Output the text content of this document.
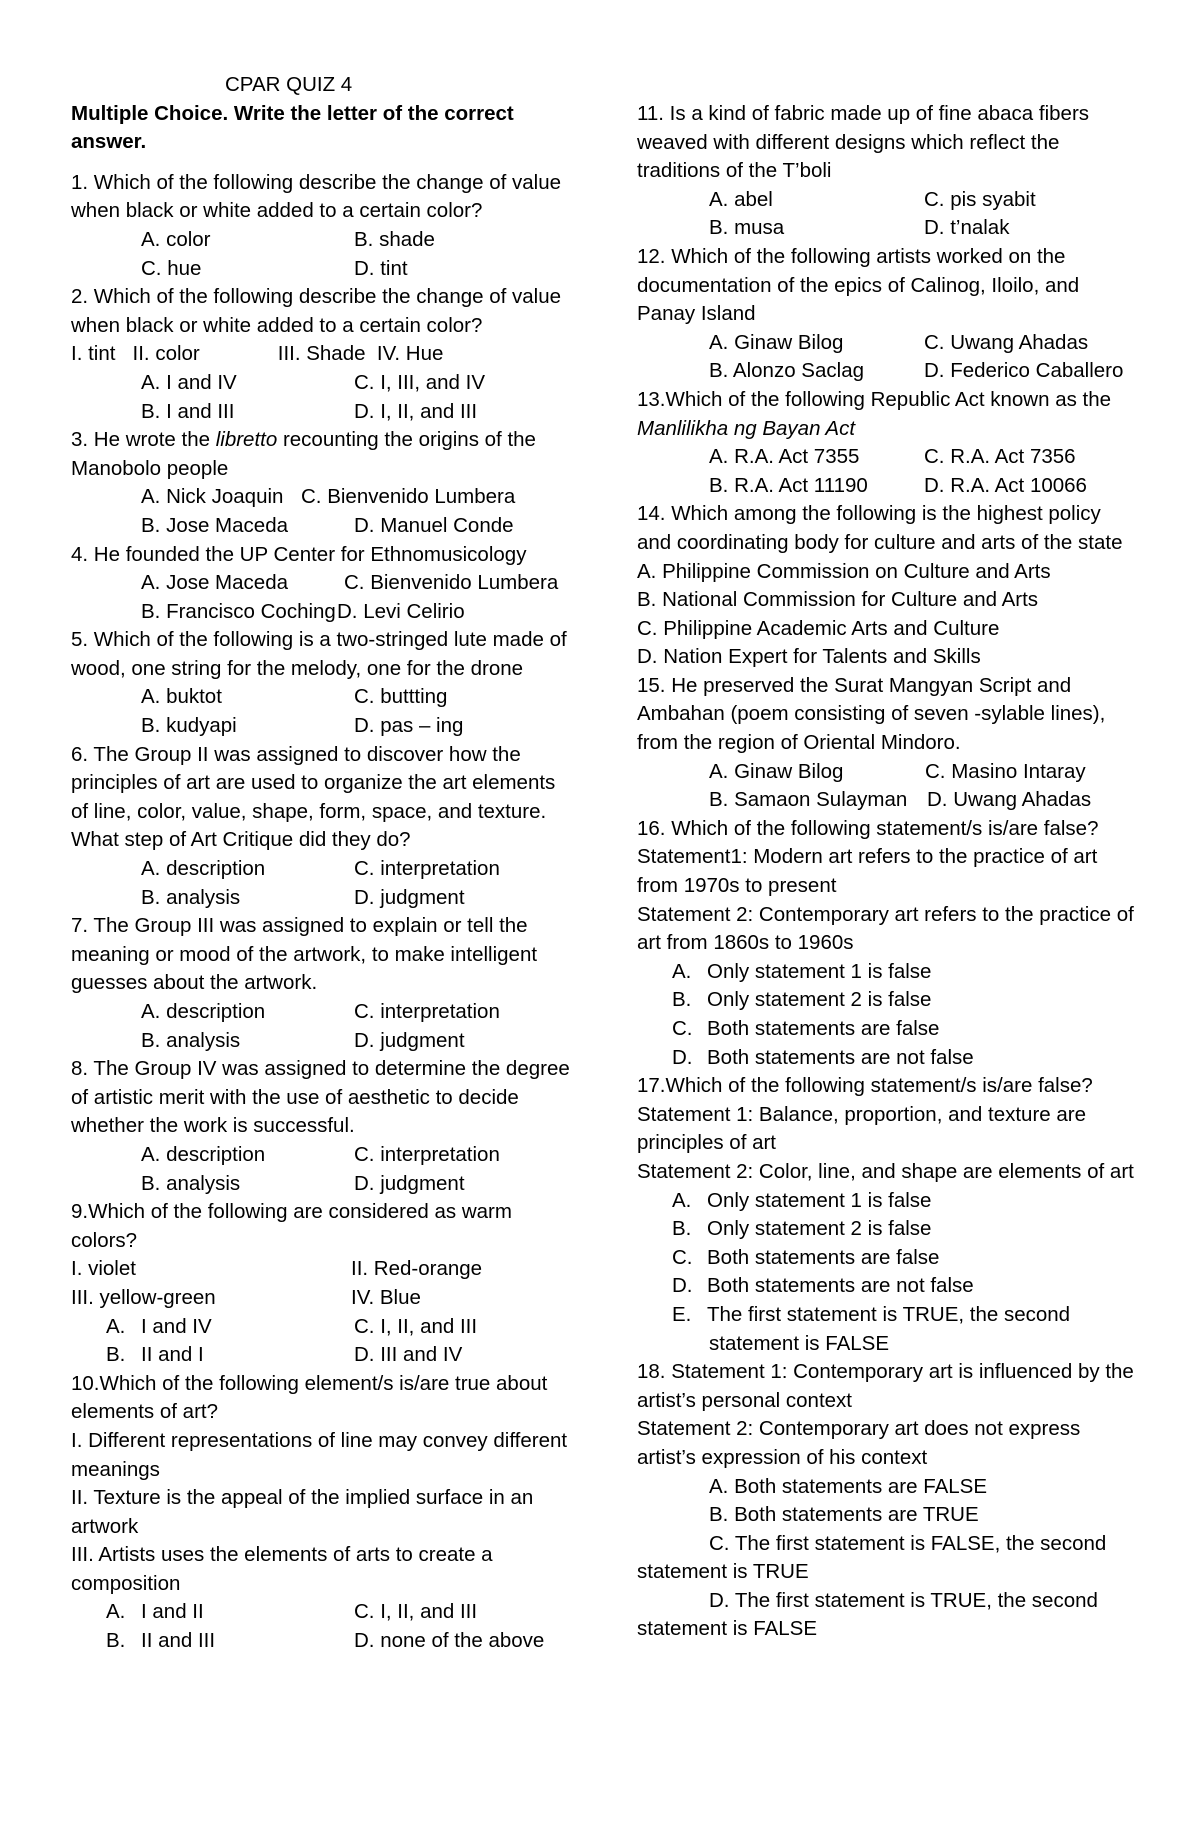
CPAR QUIZ 4
Multiple Choice. Write the letter of the correct answer.
1. Which of the following describe the change of value when black or white added to a certain color?
A. color	B. shade
C. hue	D. tint
2. Which of the following describe the change of value when black or white added to a certain color?
I. tint II. color	III. Shade IV. Hue
A. I and IV	C. I, III, and IV
B. I and III	D. I, II, and III
3. He wrote the libretto recounting the origins of the Manobolo people
A. Nick Joaquin C. Bienvenido Lumbera
B. Jose Maceda	D. Manuel Conde
4. He founded the UP Center for Ethnomusicology
A. Jose Maceda	C. Bienvenido Lumbera
B. Francisco Coching D. Levi Celirio
5. Which of the following is a two-stringed lute made of wood, one string for the melody, one for the drone
A. buktot	C. buttting
B. kudyapi	D. pas – ing
6. The Group II was assigned to discover how the principles of art are used to organize the art elements of line, color, value, shape, form, space, and texture. What step of Art Critique did they do?
A. description	C. interpretation
B. analysis	D. judgment
7. The Group III was assigned to explain or tell the meaning or mood of the artwork, to make intelligent guesses about the artwork.
A. description	C. interpretation
B. analysis	D. judgment
8. The Group IV was assigned to determine the degree of artistic merit with the use of aesthetic to decide whether the work is successful.
A. description	C. interpretation
B. analysis	D. judgment
9.Which of the following are considered as warm colors?
I. violet	II. Red-orange
III. yellow-green	IV. Blue
A. I and IV	C. I, II, and III
B. II and I	D. III and IV
10.Which of the following element/s is/are true about elements of art?
I. Different representations of line may convey different meanings
II. Texture is the appeal of the implied surface in an artwork
III. Artists uses the elements of arts to create a composition
A. I and II	C. I, II, and III
B. II and III	D. none of the above
11. Is a kind of fabric made up of fine abaca fibers weaved with different designs which reflect the traditions of the T’boli
A. abel	C. pis syabit
B. musa	D. t’nalak
12. Which of the following artists worked on the documentation of the epics of Calinog, Iloilo, and Panay Island
A. Ginaw Bilog	C. Uwang Ahadas
B. Alonzo Saclag	D. Federico Caballero
13.Which of the following Republic Act known as the Manlilikha ng Bayan Act
A. R.A. Act 7355	C. R.A. Act 7356
B. R.A. Act 11190	D. R.A. Act 10066
14. Which among the following is the highest policy and coordinating body for culture and arts of the state
A. Philippine Commission on Culture and Arts
B. National Commission for Culture and Arts
C. Philippine Academic Arts and Culture
D. Nation Expert for Talents and Skills
15. He preserved the Surat Mangyan Script and Ambahan (poem consisting of seven -sylable lines), from the region of Oriental Mindoro.
A. Ginaw Bilog	C. Masino Intaray
B. Samaon Sulayman D. Uwang Ahadas
16. Which of the following statement/s is/are false?
Statement1: Modern art refers to the practice of art from 1970s to present
Statement 2: Contemporary art refers to the practice of art from 1860s to 1960s
A. Only statement 1 is false
B. Only statement 2 is false
C. Both statements are false
D. Both statements are not false
17.Which of the following statement/s is/are false?
Statement 1: Balance, proportion, and texture are principles of art
Statement 2: Color, line, and shape are elements of art
A. Only statement 1 is false
B. Only statement 2 is false
C. Both statements are false
D. Both statements are not false
E. The first statement is TRUE, the second
statement is FALSE
18. Statement 1: Contemporary art is influenced by the artist’s personal context
Statement 2: Contemporary art does not express artist’s expression of his context
A. Both statements are FALSE
B. Both statements are TRUE
C. The first statement is FALSE, the second
statement is TRUE
D. The first statement is TRUE, the second
statement is FALSE
